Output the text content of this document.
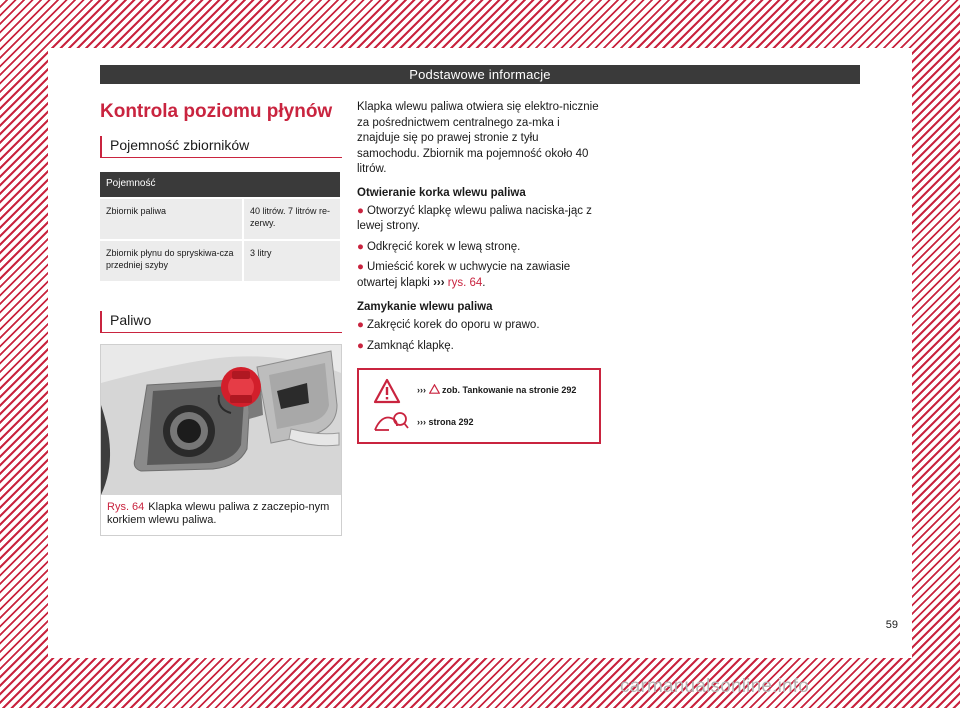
Podstawowe informacje
Kontrola poziomu płynów
Pojemność zbiorników
Pojemność	
Zbiornik paliwa	40 litrów. 7 litrów re-zerwy.
Zbiornik płynu do spryskiwa-cza przedniej szyby	3 litry
Paliwo
Rys. 64 Klapka wlewu paliwa z zaczepio-nym korkiem wlewu paliwa.

Klapka wlewu paliwa otwiera się elektro-nicznie za pośrednictwem centralnego za-mka i znajduje się po prawej stronie z tyłu samochodu. Zbiornik ma pojemność około 40 litrów.

Otwieranie korka wlewu paliwa

● Otworzyć klapkę wlewu paliwa naciska-jąc z lewej strony.

● Odkręcić korek w lewą stronę.

● Umieścić korek w uchwycie na zawiasie otwartej klapki ››› rys. 64.

Zamykanie wlewu paliwa

● Zakręcić korek do oporu w prawo.

● Zamknąć klapkę.

››› zob. Tankowanie na stronie 292
››› strona 292
59
carmanualsonline.info
